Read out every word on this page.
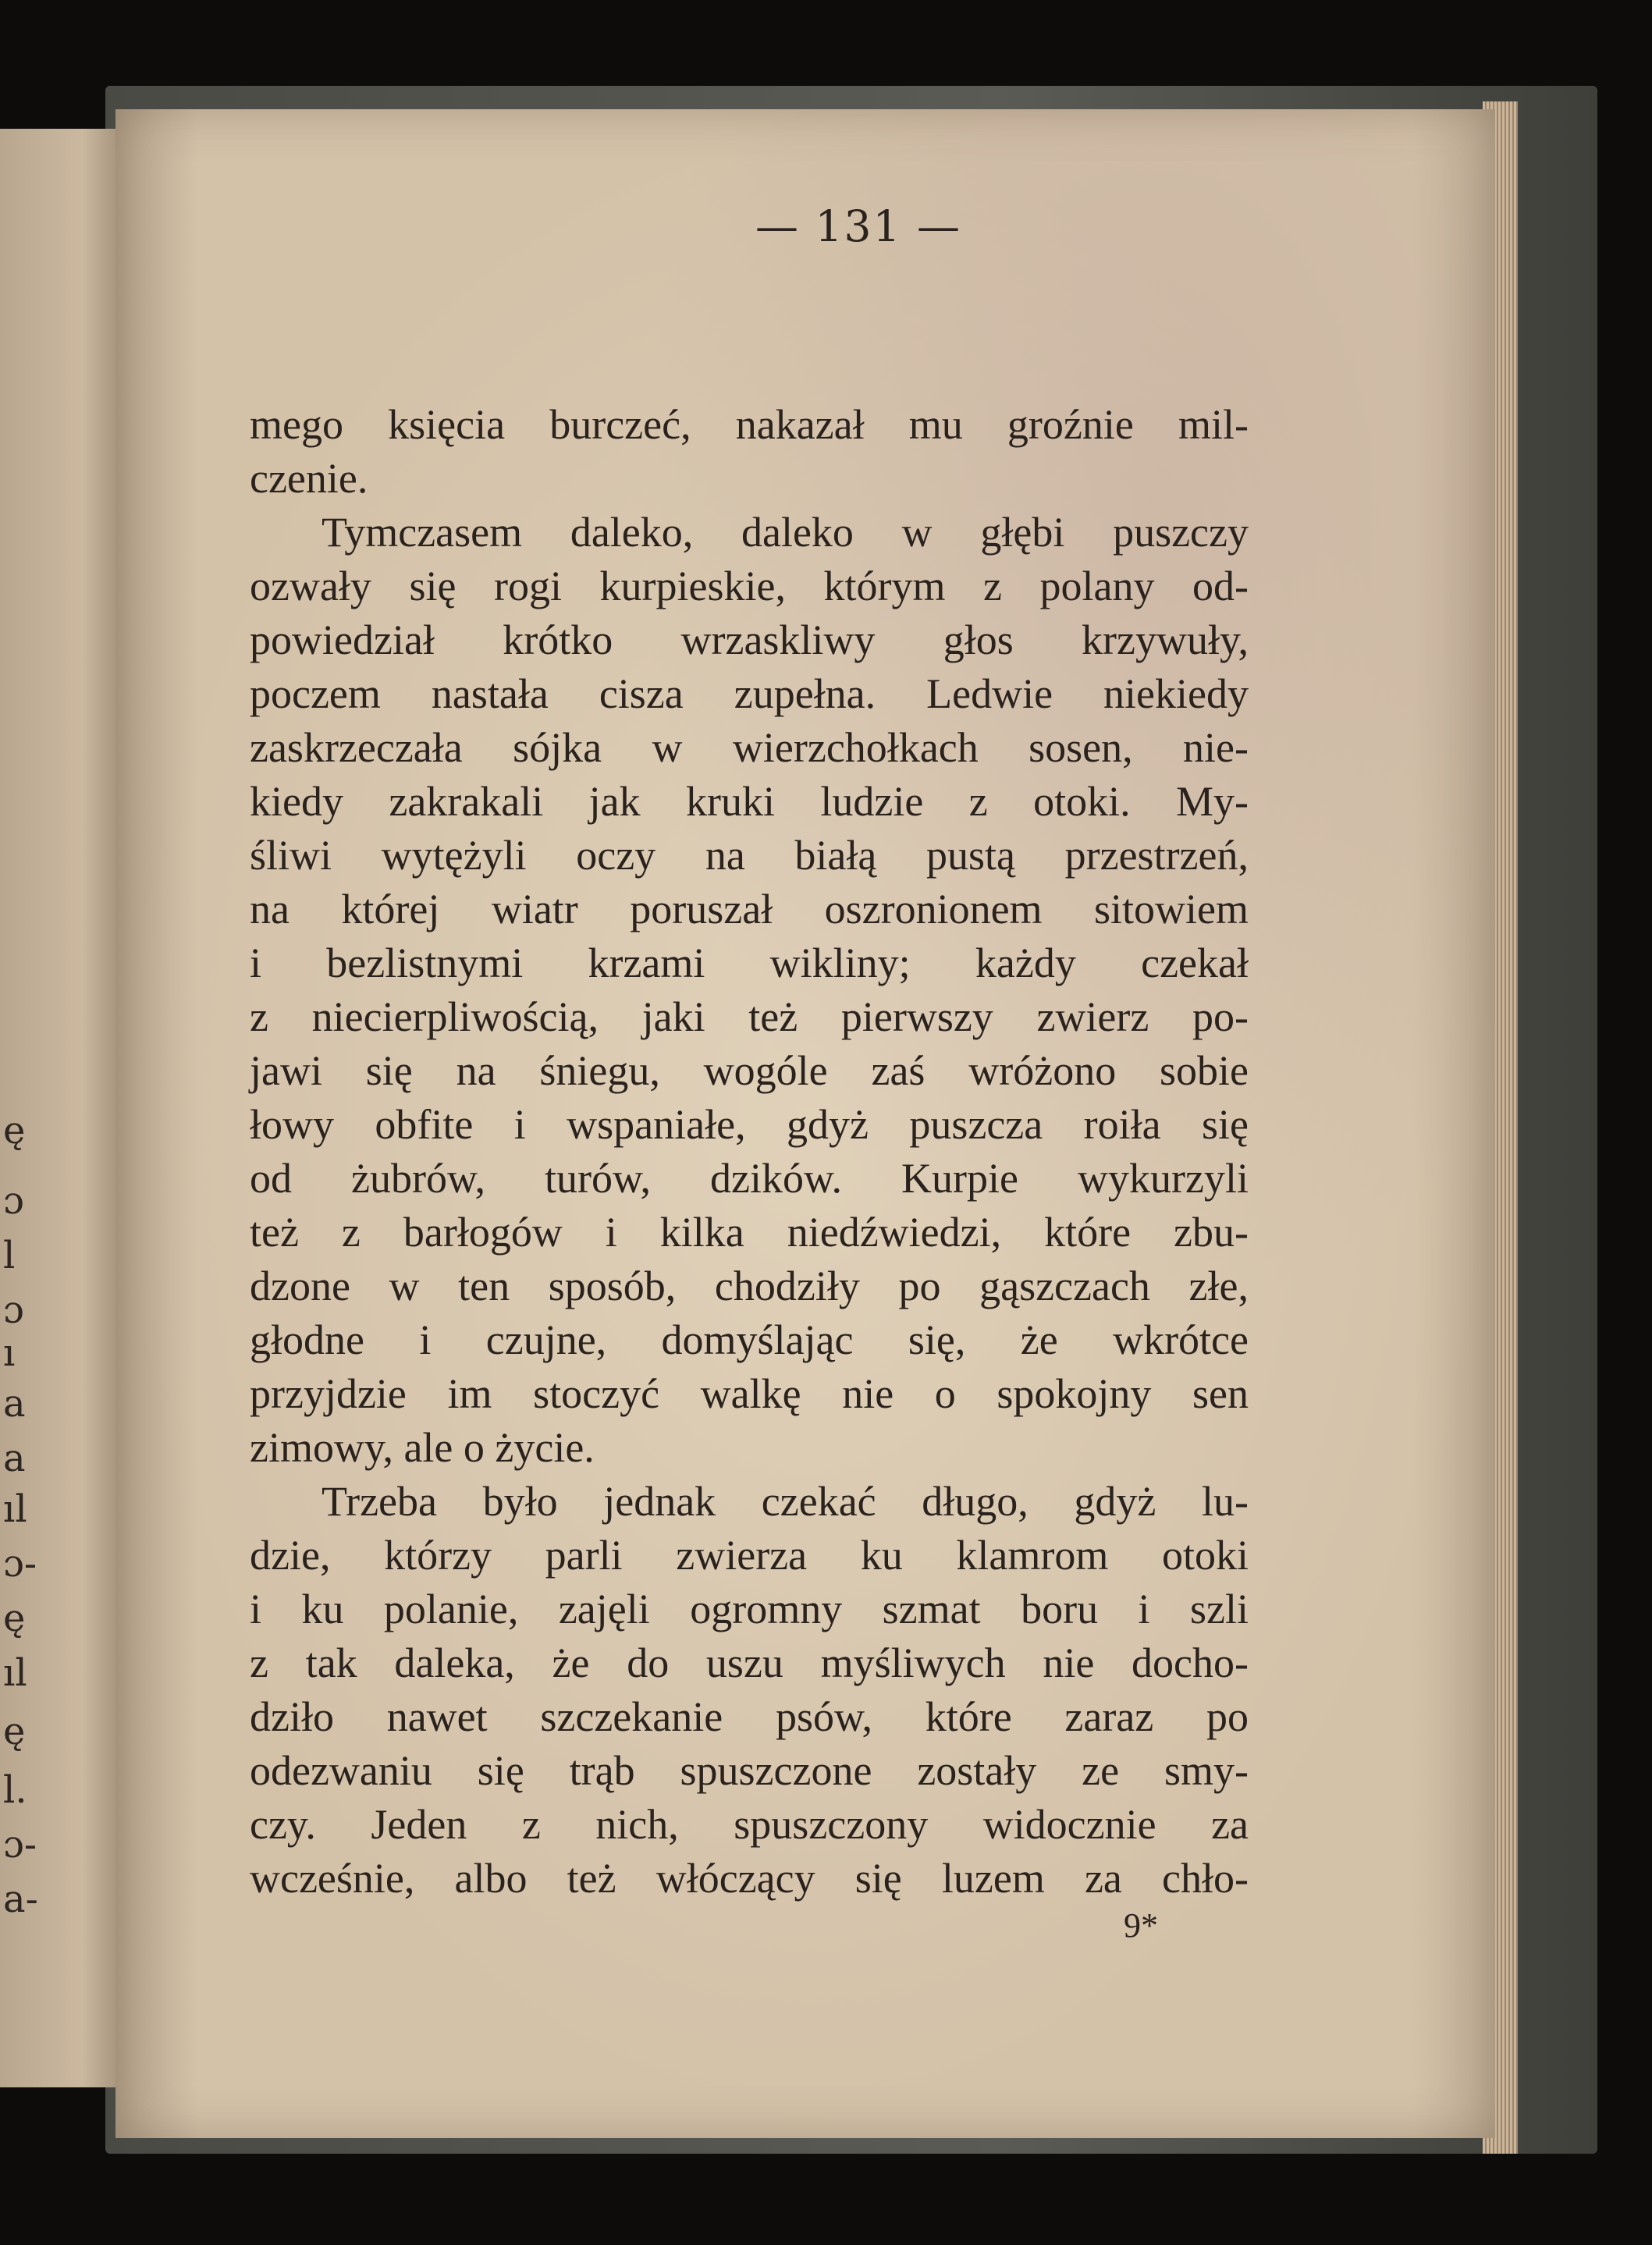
ę
ɔ
l
ɔ
ı
a
a
ıl
ɔ-
ę
ıl
ę
l.
ɔ-
a-
— 131 —
mego księcia burczeć, nakazał mu groźnie mil-
czenie.
Tymczasem daleko, daleko w głębi puszczy
ozwały się rogi kurpieskie, którym z polany od-
powiedział krótko wrzaskliwy głos krzywuły,
poczem nastała cisza zupełna. Ledwie niekiedy
zaskrzeczała sójka w wierzchołkach sosen, nie-
kiedy zakrakali jak kruki ludzie z otoki. My-
śliwi wytężyli oczy na białą pustą przestrzeń,
na której wiatr poruszał oszronionem sitowiem
i bezlistnymi krzami wikliny; każdy czekał
z niecierpliwością, jaki też pierwszy zwierz po-
jawi się na śniegu, wogóle zaś wróżono sobie
łowy obfite i wspaniałe, gdyż puszcza roiła się
od żubrów, turów, dzików. Kurpie wykurzyli
też z barłogów i kilka niedźwiedzi, które zbu-
dzone w ten sposób, chodziły po gąszczach złe,
głodne i czujne, domyślając się, że wkrótce
przyjdzie im stoczyć walkę nie o spokojny sen
zimowy, ale o życie.
Trzeba było jednak czekać długo, gdyż lu-
dzie, którzy parli zwierza ku klamrom otoki
i ku polanie, zajęli ogromny szmat boru i szli
z tak daleka, że do uszu myśliwych nie docho-
dziło nawet szczekanie psów, które zaraz po
odezwaniu się trąb spuszczone zostały ze smy-
czy. Jeden z nich, spuszczony widocznie za
wcześnie, albo też włóczący się luzem za chło-
9*
